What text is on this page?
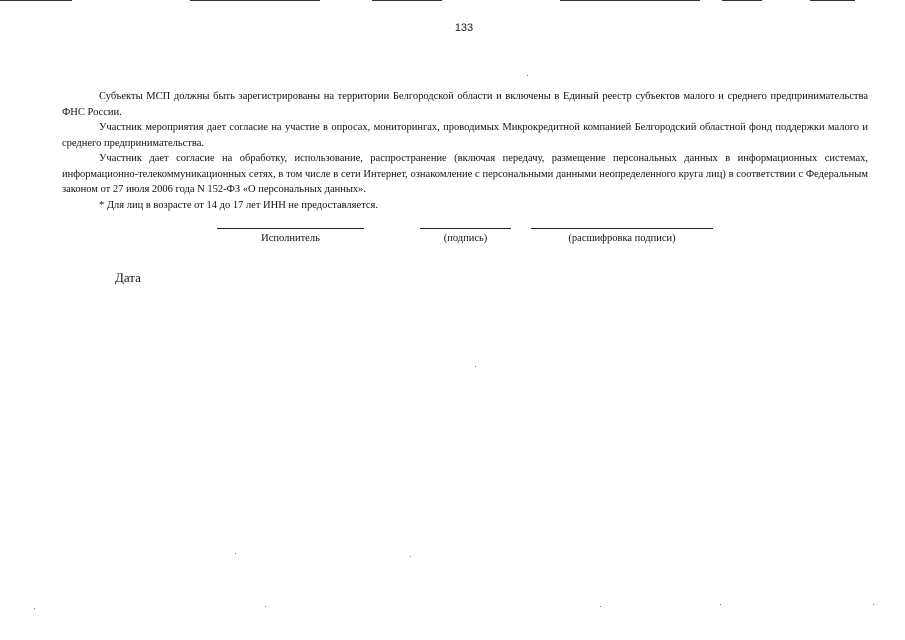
133

Субъекты МСП должны быть зарегистрированы на территории Белгородской области и включены в Единый реестр субъектов малого и среднего предпринимательства ФНС России.

Участник мероприятия дает согласие на участие в опросах, мониторингах, проводимых Микрокредитной компанией Белгородский областной фонд поддержки малого и среднего предпринимательства.

Участник дает согласие на обработку, использование, распространение (включая передачу, размещение персональных данных в информационных системах, информационно-телекоммуникационных сетях, в том числе в сети Интернет, ознакомление с персональными данными неопределенного круга лиц) в соответствии с Федеральным законом от 27 июля 2006 года N 152-ФЗ «О персональных данных».

* Для лиц в возрасте от 14 до 17 лет ИНН не предоставляется.

Исполнитель	(подпись)	(расшифровка подписи)
Дата
